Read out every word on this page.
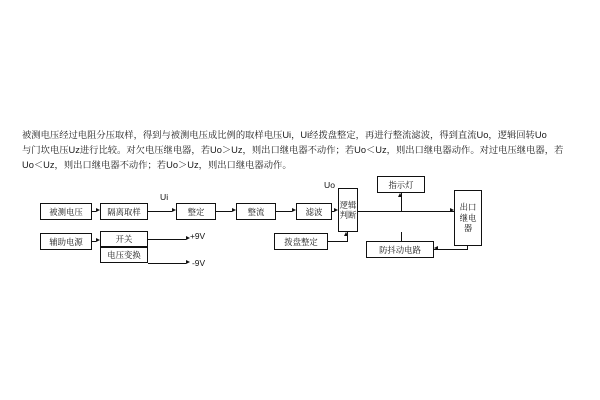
被测电压经过电阻分压取样，得到与被测电压成比例的取样电压Ui，Ui经拨盘整定，再进行整流滤波，得到直流Uo，逻辑回转Uo
与门坎电压Uz进行比较。对欠电压继电器，若Uo＞Uz，则出口继电器不动作；若Uo＜Uz，则出口继电器动作。对过电压继电器，若
Uo＜Uz，则出口继电器不动作；若Uo＞Uz，则出口继电器动作。
Ui
Uo
被测电压	隔离取样	整定	整流	滤波
逻辑
判断
指示灯
出口
继电
器
辅助电源	开关
电压变换
+9V
-9V
拨盘整定
防抖动电路
